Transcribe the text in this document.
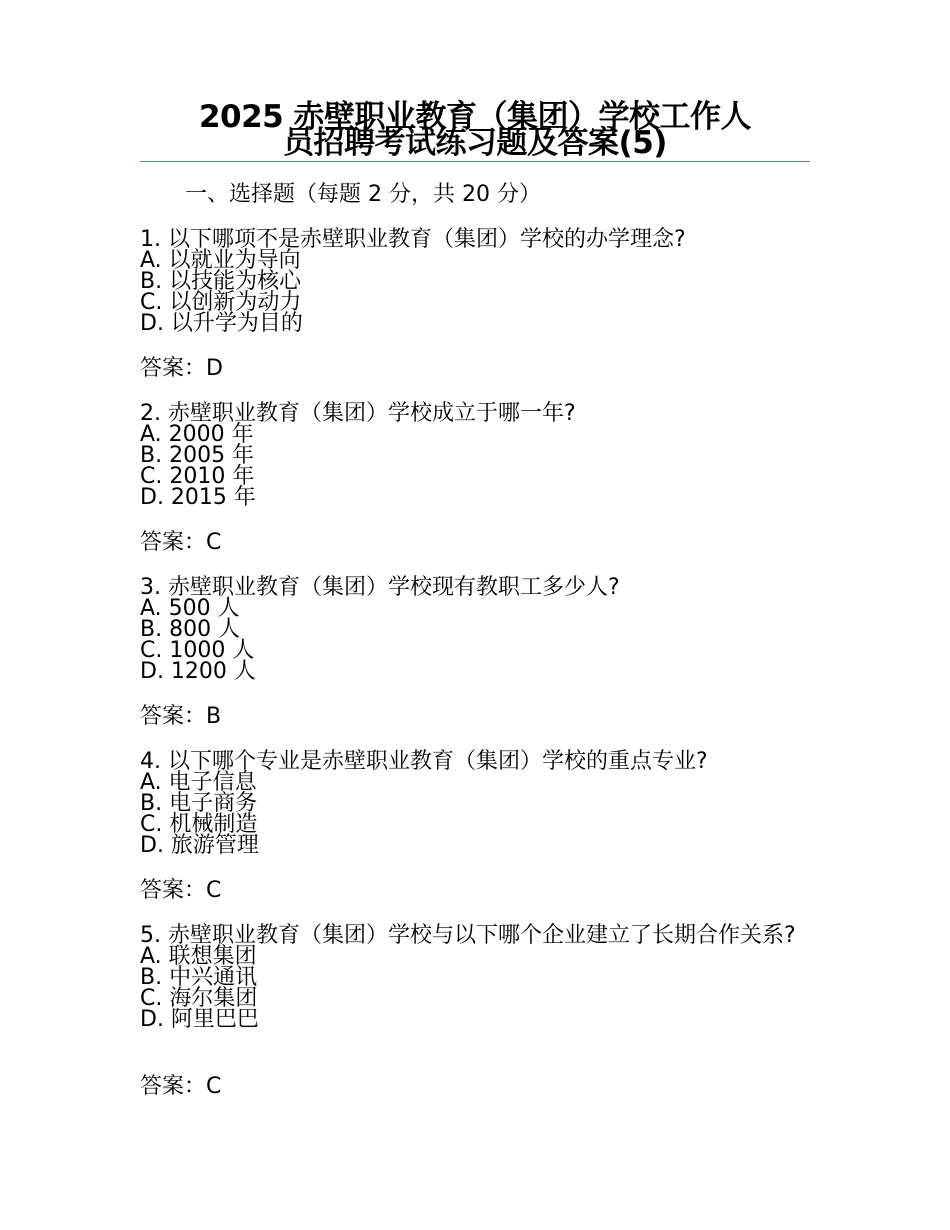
2025 赤壁职业教育（集团）学校工作人
员招聘考试练习题及答案(5)
一、选择题（每题 2 分，共 20 分）

1. 以下哪项不是赤壁职业教育（集团）学校的办学理念?

A. 以就业为导向

B. 以技能为核心

C. 以创新为动力

D. 以升学为目的

答案：D

2. 赤壁职业教育（集团）学校成立于哪一年?

A. 2000 年

B. 2005 年

C. 2010 年

D. 2015 年

答案：C

3. 赤壁职业教育（集团）学校现有教职工多少人?

A. 500 人

B. 800 人

C. 1000 人

D. 1200 人

答案：B

4. 以下哪个专业是赤壁职业教育（集团）学校的重点专业?

A. 电子信息

B. 电子商务

C. 机械制造

D. 旅游管理

答案：C

5. 赤壁职业教育（集团）学校与以下哪个企业建立了长期合作关系?

A. 联想集团

B. 中兴通讯

C. 海尔集团

D. 阿里巴巴

答案：C
